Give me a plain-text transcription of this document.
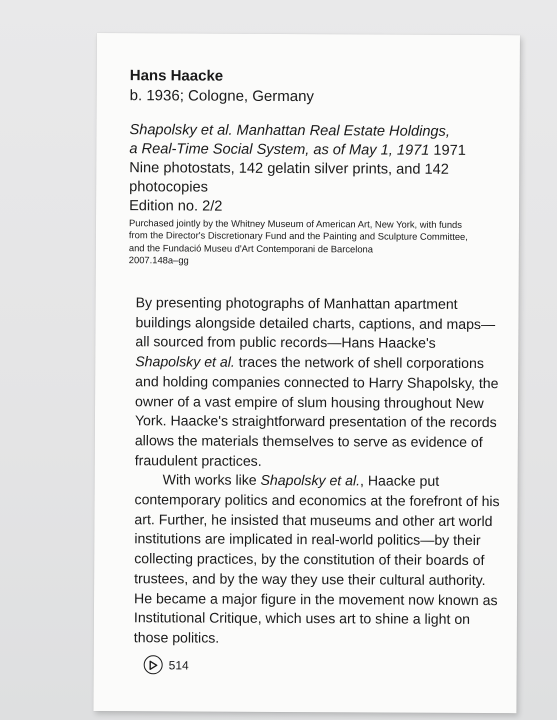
Hans Haacke
b. 1936; Cologne, Germany

Shapolsky et al. Manhattan Real Estate Holdings,

a Real-Time Social System, as of May 1, 1971 1971

Nine photostats, 142 gelatin silver prints, and 142 photocopies

Edition no. 2/2

Purchased jointly by the Whitney Museum of American Art, New York, with funds from the Director's Discretionary Fund and the Painting and Sculpture Committee, and the Fundació Museu d'Art Contemporani de Barcelona
2007.148a–gg

By presenting photographs of Manhattan apartment buildings alongside detailed charts, captions, and maps—all sourced from public records—Hans Haacke's Shapolsky et al. traces the network of shell corporations and holding companies connected to Harry Shapolsky, the owner of a vast empire of slum housing throughout New York. Haacke's straightforward presentation of the records allows the materials themselves to serve as evidence of fraudulent practices.

With works like Shapolsky et al., Haacke put contemporary politics and economics at the forefront of his art. Further, he insisted that museums and other art world institutions are implicated in real-world politics—by their collecting practices, by the constitution of their boards of trustees, and by the way they use their cultural authority. He became a major figure in the movement now known as Institutional Critique, which uses art to shine a light on those politics.

514
